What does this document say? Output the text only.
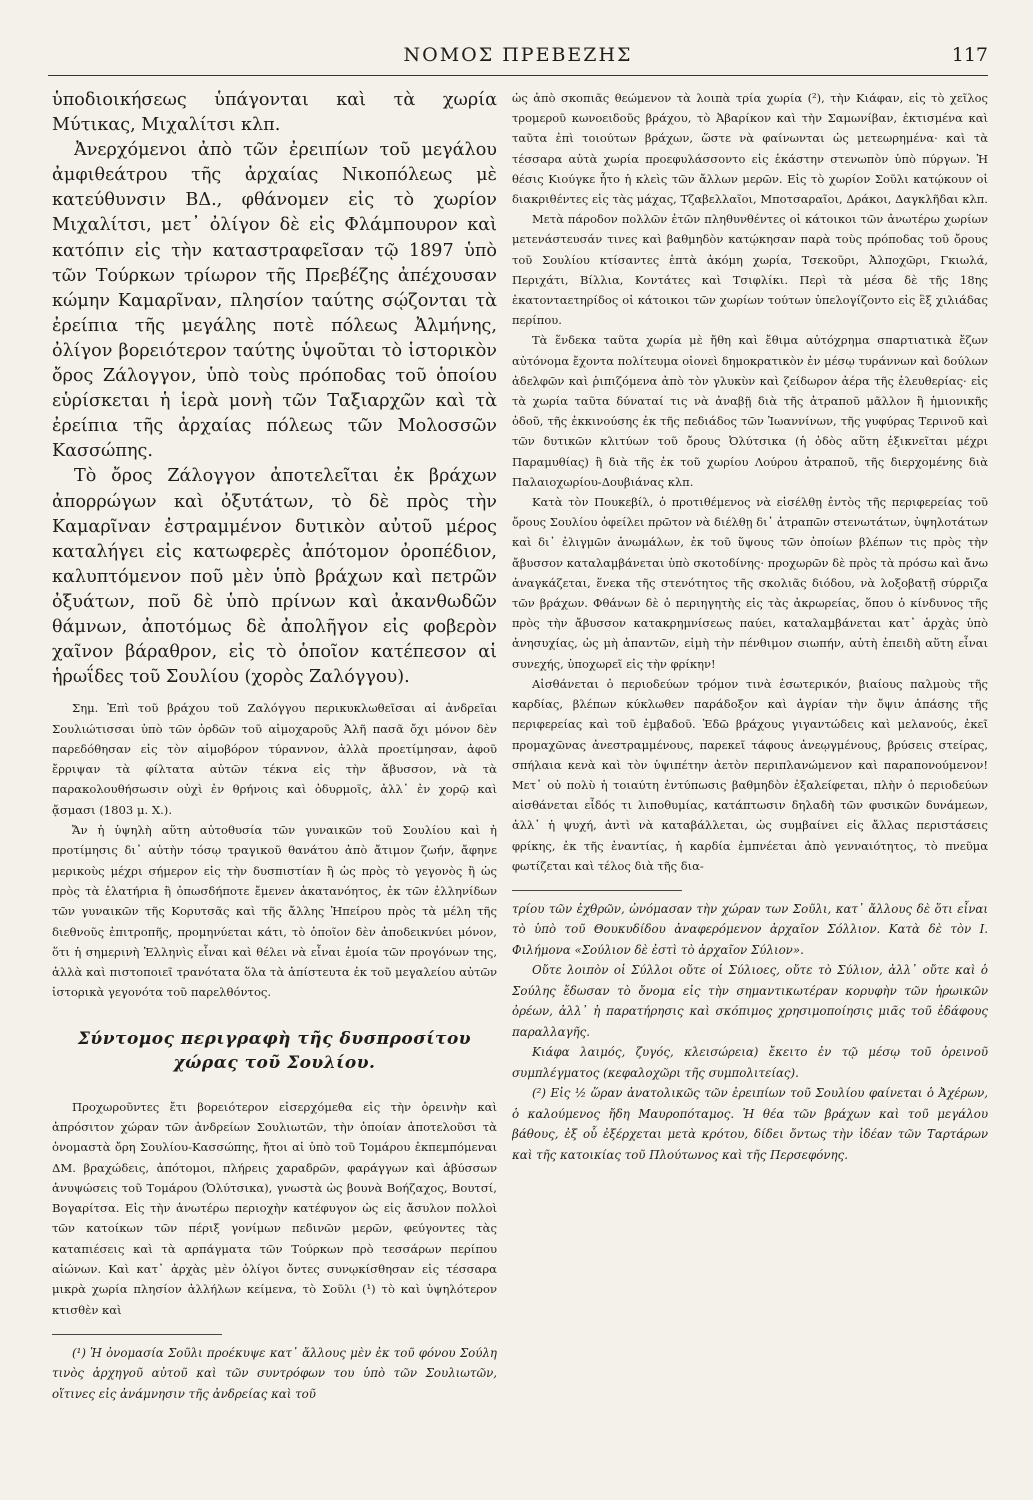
ΝΟΜΟΣ ΠΡΕΒΕΖΗΣ	117

ὑποδιοικήσεως ὑπάγονται καὶ τὰ χωρία Μύτικας, Μιχαλίτσι κλπ.

Ἀνερχόμενοι ἀπὸ τῶν ἐρειπίων τοῦ μεγάλου ἀμφιθεάτρου τῆς ἀρχαίας Νικοπόλεως μὲ κατεύθυνσιν ΒΔ., φθάνομεν εἰς τὸ χωρίον Μιχαλίτσι, μετ᾽ ὀλίγον δὲ εἰς Φλάμπουρον καὶ κατόπιν εἰς τὴν καταστραφεῖσαν τῷ 1897 ὑπὸ τῶν Τούρκων τρίωρον τῆς Πρεβέζης ἀπέχουσαν κώμην Καμαρῖναν, πλησίον ταύτης σῴζονται τὰ ἐρείπια τῆς μεγάλης ποτὲ πόλεως Ἀλμήνης, ὀλίγον βορειότερον ταύτης ὑψοῦται τὸ ἱστορικὸν ὄρος Ζάλογγον, ὑπὸ τοὺς πρόποδας τοῦ ὁποίου εὑρίσκεται ἡ ἱερὰ μονὴ τῶν Ταξιαρχῶν καὶ τὰ ἐρείπια τῆς ἀρχαίας πόλεως τῶν Μολοσσῶν Κασσώπης.

Τὸ ὄρος Ζάλογγον ἀποτελεῖται ἐκ βράχων ἀπορρώγων καὶ ὀξυτάτων, τὸ δὲ πρὸς τὴν Καμαρῖναν ἐστραμμένον δυτικὸν αὐτοῦ μέρος καταλήγει εἰς κατωφερὲς ἀπότομον ὀροπέδιον, καλυπτόμενον ποῦ μὲν ὑπὸ βράχων καὶ πετρῶν ὀξυάτων, ποῦ δὲ ὑπὸ πρίνων καὶ ἀκανθωδῶν θάμνων, ἀποτόμως δὲ ἀπολῆγον εἰς φοβερὸν χαῖνον βάραθρον, εἰς τὸ ὁποῖον κατέπεσον αἱ ἡρωΐδες τοῦ Σουλίου (χορὸς Ζαλόγγου).

Σημ. Ἐπὶ τοῦ βράχου τοῦ Ζαλόγγου περικυκλωθεῖσαι αἱ ἀνδρεῖαι Σουλιώτισσαι ὑπὸ τῶν ὀρδῶν τοῦ αἱμοχαροῦς Ἀλῆ πασᾶ ὄχι μόνον δὲν παρεδόθησαν εἰς τὸν αἱμοβόρον τύραννον, ἀλλὰ προετίμησαν, ἀφοῦ ἔρριψαν τὰ φίλτατα αὐτῶν τέκνα εἰς τὴν ἄβυσσον, νὰ τὰ παρακολουθήσωσιν οὐχὶ ἐν θρήνοις καὶ ὀδυρμοῖς, ἀλλ᾽ ἐν χορῷ καὶ ᾄσμασι (1803 μ. Χ.).

Ἄν ἡ ὑψηλὴ αὕτη αὐτοθυσία τῶν γυναικῶν τοῦ Σουλίου καὶ ἡ προτίμησις δι᾽ αὐτὴν τόσῳ τραγικοῦ θανάτου ἀπὸ ἄτιμον ζωήν, ἄφηνε μερικοὺς μέχρι σήμερον εἰς τὴν δυσπιστίαν ἢ ὡς πρὸς τὸ γεγονὸς ἢ ὡς πρὸς τὰ ἐλατήρια ἢ ὁπωσδήποτε ἔμενεν ἀκατανόητος, ἐκ τῶν ἐλληνίδων τῶν γυναικῶν τῆς Κορυτσᾶς καὶ τῆς ἄλλης Ἠπείρου πρὸς τὰ μέλη τῆς διεθνοῦς ἐπιτροπῆς, προμηνύεται κάτι, τὸ ὁποῖον δὲν ἀποδεικνύει μόνον, ὅτι ἡ σημερινὴ Ἑλληνὶς εἶναι καὶ θέλει νὰ εἶναι ἐμοία τῶν προγόνων της, ἀλλὰ καὶ πιστοποιεῖ τρανότατα ὅλα τὰ ἀπίστευτα ἐκ τοῦ μεγαλείου αὐτῶν ἱστορικὰ γεγονότα τοῦ παρελθόντος.

Σύντομος περιγραφὴ τῆς δυσπροσίτου χώρας τοῦ Σουλίου.

Προχωροῦντες ἔτι βορειότερον εἰσερχόμεθα εἰς τὴν ὀρεινὴν καὶ ἀπρόσιτον χώραν τῶν ἀνδρείων Σουλιωτῶν, τὴν ὁποίαν ἀποτελοῦσι τὰ ὀνομαστὰ ὄρη Σουλίου-Κασσώπης, ἤτοι αἱ ὑπὸ τοῦ Τομάρου ἐκπεμπόμεναι ΔΜ. βραχώδεις, ἀπότομοι, πλήρεις χαραδρῶν, φαράγγων καὶ ἀβύσσων ἀνυψώσεις τοῦ Τομάρου (Ὀλύτσικα), γνωστὰ ὡς βουνὰ Βοήζαχος, Βουτσί, Βογαρίτσα. Εἰς τὴν ἀνωτέρω περιοχὴν κατέφυγον ὡς εἰς ἄσυλον πολλοὶ τῶν κατοίκων τῶν πέριξ γονίμων πεδινῶν μερῶν, φεύγοντες τὰς καταπιέσεις καὶ τὰ αρπάγματα τῶν Τούρκων πρὸ τεσσάρων περίπου αἰώνων. Καὶ κατ᾽ ἀρχὰς μὲν ὀλίγοι ὄντες συνῳκίσθησαν εἰς τέσσαρα μικρὰ χωρία πλησίον ἀλλήλων κείμενα, τὸ Σοῦλι (¹) τὸ καὶ ὑψηλότερον κτισθὲν καὶ

(¹) Ἡ ὀνομασία Σοῦλι προέκυψε κατ᾽ ἄλλους μὲν ἐκ τοῦ φόνου Σούλη τινὸς ἀρχηγοῦ αὐτοῦ καὶ τῶν συντρόφων του ὑπὸ τῶν Σουλιωτῶν, οἵτινες εἰς ἀνάμνησιν τῆς ἀνδρείας καὶ τοῦ

ὡς ἀπὸ σκοπιᾶς θεώμενον τὰ λοιπὰ τρία χωρία (²), τὴν Κιάφαν, εἰς τὸ χεῖλος τρομεροῦ κωνοειδοῦς βράχου, τὸ Ἀβαρίκον καὶ τὴν Σαμωνίβαν, ἐκτισμένα καὶ ταῦτα ἐπὶ τοιούτων βράχων, ὥστε νὰ φαίνωνται ὡς μετεωρημένα· καὶ τὰ τέσσαρα αὐτὰ χωρία προεφυλάσσοντο εἰς ἑκάστην στενωπὸν ὑπὸ πύργων. Ἡ θέσις Κιούγκε ἦτο ἡ κλεὶς τῶν ἄλλων μερῶν. Εἰς τὸ χωρίον Σοῦλι κατῴκουν οἱ διακριθέντες εἰς τὰς μάχας, Τζαβελλαῖοι, Μποτσαραῖοι, Δράκοι, Δαγκλῆδαι κλπ.

Μετὰ πάροδον πολλῶν ἐτῶν πληθυνθέντες οἱ κάτοικοι τῶν ἀνωτέρω χωρίων μετενάστευσάν τινες καὶ βαθμηδὸν κατῴκησαν παρὰ τοὺς πρόποδας τοῦ ὄρους τοῦ Σουλίου κτίσαντες ἑπτὰ ἀκόμη χωρία, Τσεκοῦρι, Ἀλποχῶρι, Γκιωλά, Περιχάτι, Βίλλια, Κοντάτες καὶ Τσιφλίκι. Περὶ τὰ μέσα δὲ τῆς 18ης ἑκατονταετηρίδος οἱ κάτοικοι τῶν χωρίων τούτων ὑπελογίζοντο εἰς ἓξ χιλιάδας περίπου.

Τὰ ἕνδεκα ταῦτα χωρία μὲ ἤθη καὶ ἔθιμα αὐτόχρημα σπαρτιατικὰ ἔζων αὐτόνομα ἔχοντα πολίτευμα οἱονεὶ δημοκρατικὸν ἐν μέσῳ τυράννων καὶ δούλων ἀδελφῶν καὶ ῥιπιζόμενα ἀπὸ τὸν γλυκὺν καὶ ζείδωρον ἀέρα τῆς ἐλευθερίας· εἰς τὰ χωρία ταῦτα δύναταί τις νὰ ἀναβῇ διὰ τῆς ἀτραποῦ μᾶλλον ἢ ἡμιονικῆς ὁδοῦ, τῆς ἐκκινούσης ἐκ τῆς πεδιάδος τῶν Ἰωαννίνων, τῆς γυφύρας Τερινοῦ καὶ τῶν δυτικῶν κλιτύων τοῦ ὄρους Ὀλύτσικα (ἡ ὁδὸς αὕτη ἐξικνεῖται μέχρι Παραμυθίας) ἢ διὰ τῆς ἐκ τοῦ χωρίου Λούρου ἀτραποῦ, τῆς διερχομένης διὰ Παλαιοχωρίου-Δουβιάνας κλπ.

Κατὰ τὸν Πουκεβίλ, ὁ προτιθέμενος νὰ εἰσέλθῃ ἐντὸς τῆς περιφερείας τοῦ ὄρους Σουλίου ὀφείλει πρῶτον νὰ διέλθῃ δι᾽ ἀτραπῶν στενωτάτων, ὑψηλοτάτων καὶ δι᾽ ἐλιγμῶν ἀνωμάλων, ἐκ τοῦ ὕψους τῶν ὁποίων βλέπων τις πρὸς τὴν ἄβυσσον καταλαμβάνεται ὑπὸ σκοτοδίνης· προχωρῶν δὲ πρὸς τὰ πρόσω καὶ ἄνω ἀναγκάζεται, ἕνεκα τῆς στενότητος τῆς σκολιᾶς διόδου, νὰ λοξοβατῇ σύρριζα τῶν βράχων. Φθάνων δὲ ὁ περιηγητὴς εἰς τὰς ἀκρωρείας, ὅπου ὁ κίνδυνος τῆς πρὸς τὴν ἄβυσσον κατακρημνίσεως παύει, καταλαμβάνεται κατ᾽ ἀρχὰς ὑπὸ ἀνησυχίας, ὡς μὴ ἀπαντῶν, εἰμὴ τὴν πένθιμον σιωπήν, αὐτὴ ἐπειδὴ αὕτη εἶναι συνεχής, ὑποχωρεῖ εἰς τὴν φρίκην!

Αἰσθάνεται ὁ περιοδεύων τρόμον τινὰ ἐσωτερικόν, βιαίους παλμοὺς τῆς καρδίας, βλέπων κύκλωθεν παράδοξον καὶ ἀγρίαν τὴν ὄψιν ἁπάσης τῆς περιφερείας καὶ τοῦ ἐμβαδοῦ. Ἐδῶ βράχους γιγαντώδεις καὶ μελανούς, ἐκεῖ προμαχῶνας ἀνεστραμμένους, παρεκεῖ τάφους ἀνεῳγμένους, βρύσεις στείρας, σπήλαια κενὰ καὶ τὸν ὑψιπέτην ἀετὸν περιπλανώμενον καὶ παραπονούμενον! Μετ᾽ οὐ πολὺ ἡ τοιαύτη ἐντύπωσις βαθμηδὸν ἐξαλείφεται, πλὴν ὁ περιοδεύων αἰσθάνεται εἶδός τι λιποθυμίας, κατάπτωσιν δηλαδὴ τῶν φυσικῶν δυνάμεων, ἀλλ᾽ ἡ ψυχή, ἀντὶ νὰ καταβάλλεται, ὡς συμβαίνει εἰς ἄλλας περιστάσεις φρίκης, ἐκ τῆς ἐναντίας, ἡ καρδία ἐμπνέεται ἀπὸ γενναιότητος, τὸ πνεῦμα φωτίζεται καὶ τέλος διὰ τῆς δια-

τρίου τῶν ἐχθρῶν, ὠνόμασαν τὴν χώραν των Σοῦλι, κατ᾽ ἄλλους δὲ ὅτι εἶναι τὸ ὑπὸ τοῦ Θουκυδίδου ἀναφερόμενον ἀρχαῖον Σόλλιον. Κατὰ δὲ τὸν Ι. Φιλήμονα «Σούλιον δὲ ἐστὶ τὸ ἀρχαῖον Σύλιον».

Οὔτε λοιπὸν οἱ Σύλλοι οὔτε οἱ Σύλιοες, οὔτε τὸ Σύλιον, ἀλλ᾽ οὔτε καὶ ὁ Σούλης ἔδωσαν τὸ ὄνομα εἰς τὴν σημαντικωτέραν κορυφὴν τῶν ἡρωικῶν ὀρέων, ἀλλ᾽ ἡ παρατήρησις καὶ σκόπιμος χρησιμοποίησις μιᾶς τοῦ ἐδάφους παραλλαγῆς.

Κιάφα λαιμός, ζυγός, κλεισώρεια) ἔκειτο ἐν τῷ μέσῳ τοῦ ὀρεινοῦ συμπλέγματος (κεφαλοχῶρι τῆς συμπολιτείας).

(²) Εἰς ½ ὥραν ἀνατολικῶς τῶν ἐρειπίων τοῦ Σουλίου φαίνεται ὁ Ἀχέρων, ὁ καλούμενος ἤδη Μαυροπόταμος. Ἡ θέα τῶν βράχων καὶ τοῦ μεγάλου βάθους, ἐξ οὗ ἐξέρχεται μετὰ κρότου, δίδει ὄντως τὴν ἰδέαν τῶν Ταρτάρων καὶ τῆς κατοικίας τοῦ Πλούτωνος καὶ τῆς Περσεφόνης.
